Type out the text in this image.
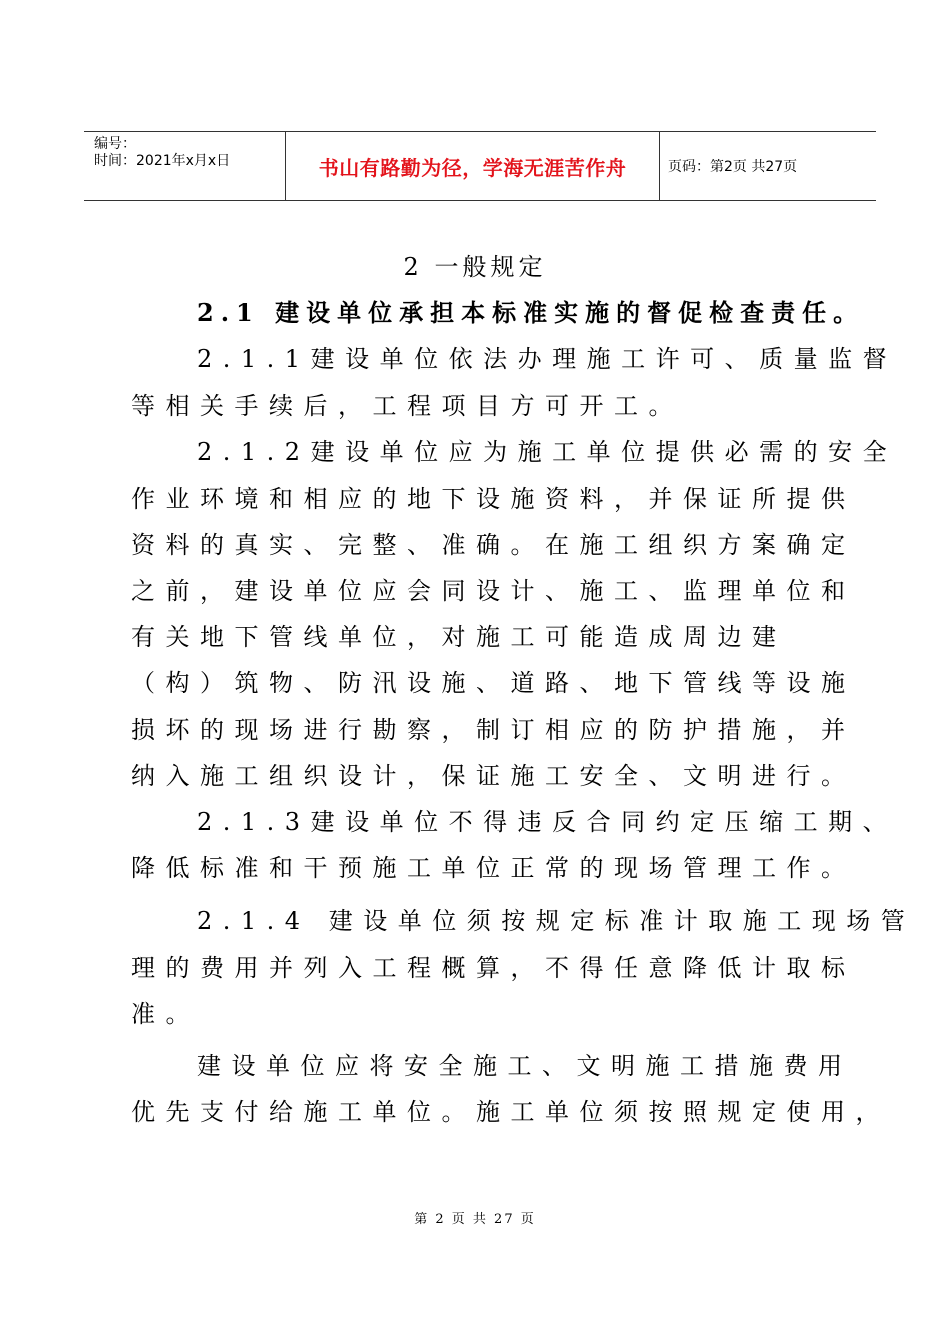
编号：
时间：2021年x月x日	书山有路勤为径，学海无涯苦作舟	页码：第2页 共27页
2 一般规定
2.1 建设单位承担本标准实施的督促检查责任。
2.1.1建设单位依法办理施工许可、质量监督
等相关手续后，工程项目方可开工。
2.1.2建设单位应为施工单位提供必需的安全
作业环境和相应的地下设施资料，并保证所提供
资料的真实、完整、准确。在施工组织方案确定
之前，建设单位应会同设计、施工、监理单位和
有关地下管线单位，对施工可能造成周边建
（构）筑物、防汛设施、道路、地下管线等设施
损坏的现场进行勘察，制订相应的防护措施，并
纳入施工组织设计，保证施工安全、文明进行。
2.1.3建设单位不得违反合同约定压缩工期、
降低标准和干预施工单位正常的现场管理工作。
2.1.4 建设单位须按规定标准计取施工现场管
理的费用并列入工程概算，不得任意降低计取标
准。
建设单位应将安全施工、文明施工措施费用
优先支付给施工单位。施工单位须按照规定使用，
第 2 页 共 27 页
